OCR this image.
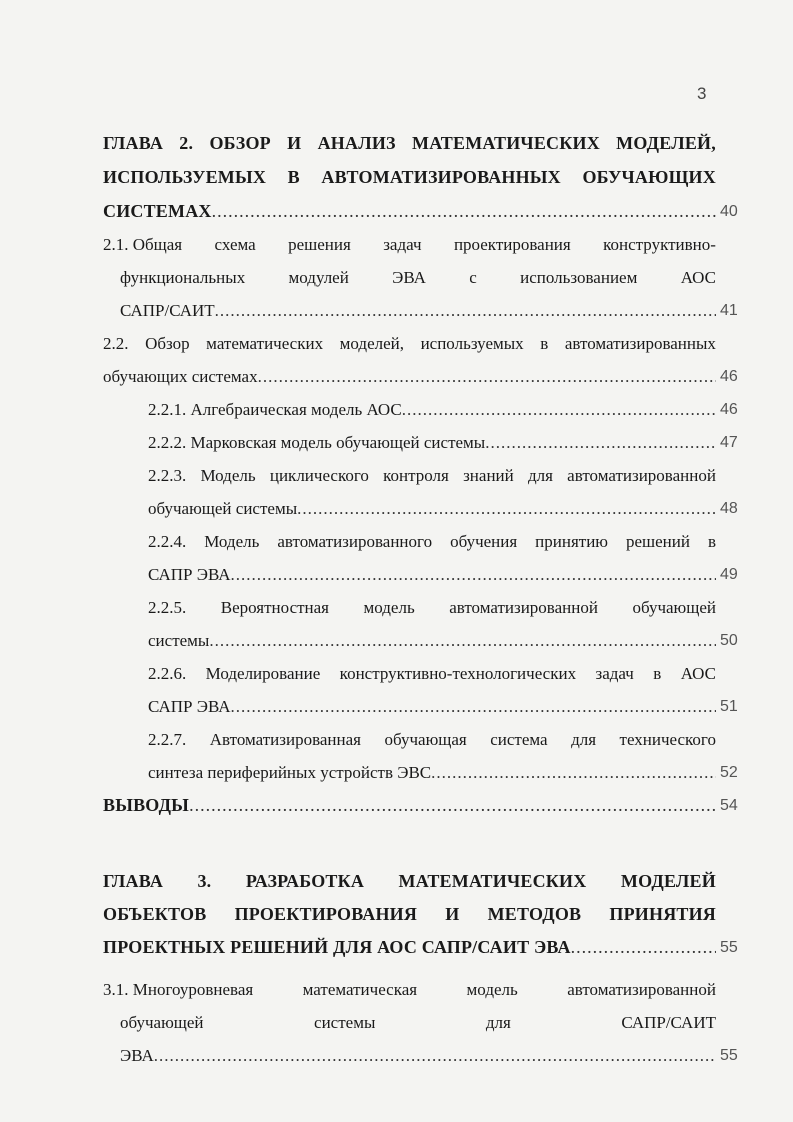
3
ГЛАВА 2. ОБЗОР И АНАЛИЗ МАТЕМАТИЧЕСКИХ МОДЕЛЕЙ,
ИСПОЛЬЗУЕМЫХ В АВТОМАТИЗИРОВАННЫХ ОБУЧАЮЩИХ
СИСТЕМАХ .....	40
2.1. Общая схема решения задач проектирования конструктивно-
функциональных	модулей	ЭВА	с	использованием	АОС
САПР/САИТ .....	41
2.2. Обзор математических моделей, используемых в автоматизированных
обучающих системах .....	46
2.2.1. Алгебраическая модель АОС .....	46
2.2.2. Марковская модель обучающей системы .....	47
2.2.3. Модель циклического контроля знаний для автоматизированной
обучающей системы .....	48
2.2.4. Модель автоматизированного обучения принятию решений в
САПР ЭВА .....	49
2.2.5. Вероятностная модель автоматизированной обучающей
системы .....	50
2.2.6. Моделирование конструктивно-технологических задач в АОС
САПР ЭВА .....	51
2.2.7. Автоматизированная обучающая система для технического
синтеза периферийных устройств ЭВС .....	52
ВЫВОДЫ .....	54
ГЛАВА 3. РАЗРАБОТКА МАТЕМАТИЧЕСКИХ МОДЕЛЕЙ
ОБЪЕКТОВ ПРОЕКТИРОВАНИЯ И МЕТОДОВ ПРИНЯТИЯ
ПРОЕКТНЫХ РЕШЕНИЙ ДЛЯ АОС САПР/САИТ ЭВА .....	55
3.1. Многоуровневая	математическая	модель	автоматизированной
обучающей	системы	для	САПР/САИТ
ЭВА .....	55
